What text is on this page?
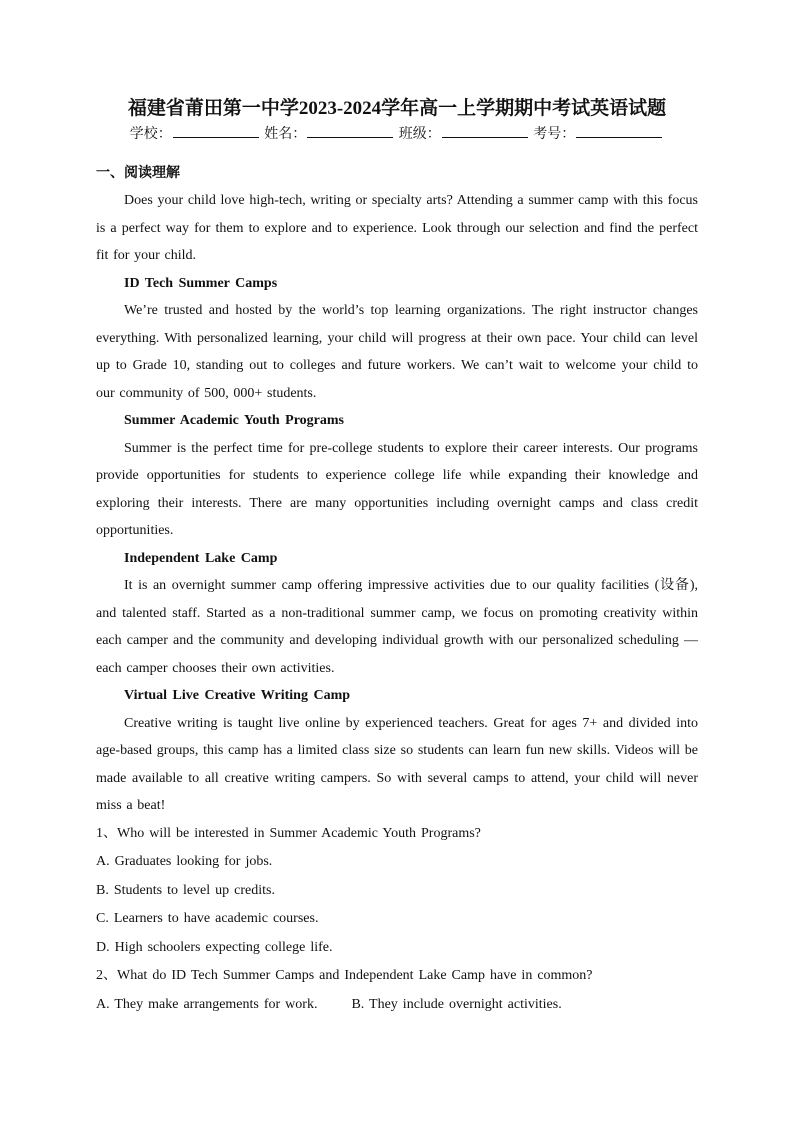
福建省莆田第一中学2023-2024学年高一上学期期中考试英语试题
学校：	姓名：	班级：	考号：
一、阅读理解

Does your child love high-tech, writing or specialty arts? Attending a summer camp with this focus is a perfect way for them to explore and to experience. Look through our selection and find the perfect fit for your child.

ID Tech Summer Camps

We’re trusted and hosted by the world’s top learning organizations. The right instructor changes everything. With personalized learning, your child will progress at their own pace. Your child can level up to Grade 10, standing out to colleges and future workers. We can’t wait to welcome your child to our community of 500, 000+ students.

Summer Academic Youth Programs

Summer is the perfect time for pre-college students to explore their career interests. Our programs provide opportunities for students to experience college life while expanding their knowledge and exploring their interests. There are many opportunities including overnight camps and class credit opportunities.

Independent Lake Camp

It is an overnight summer camp offering impressive activities due to our quality facilities (设备), and talented staff. Started as a non-traditional summer camp, we focus on promoting creativity within each camper and the community and developing individual growth with our personalized scheduling — each camper chooses their own activities.

Virtual Live Creative Writing Camp

Creative writing is taught live online by experienced teachers. Great for ages 7+ and divided into age-based groups, this camp has a limited class size so students can learn fun new skills. Videos will be made available to all creative writing campers. So with several camps to attend, your child will never miss a beat!

1、Who will be interested in Summer Academic Youth Programs?
A. Graduates looking for jobs.
B. Students to level up credits.
C. Learners to have academic courses.
D. High schoolers expecting college life.
2、What do ID Tech Summer Camps and Independent Lake Camp have in common?
A. They make arrangements for work. B. They include overnight activities.
